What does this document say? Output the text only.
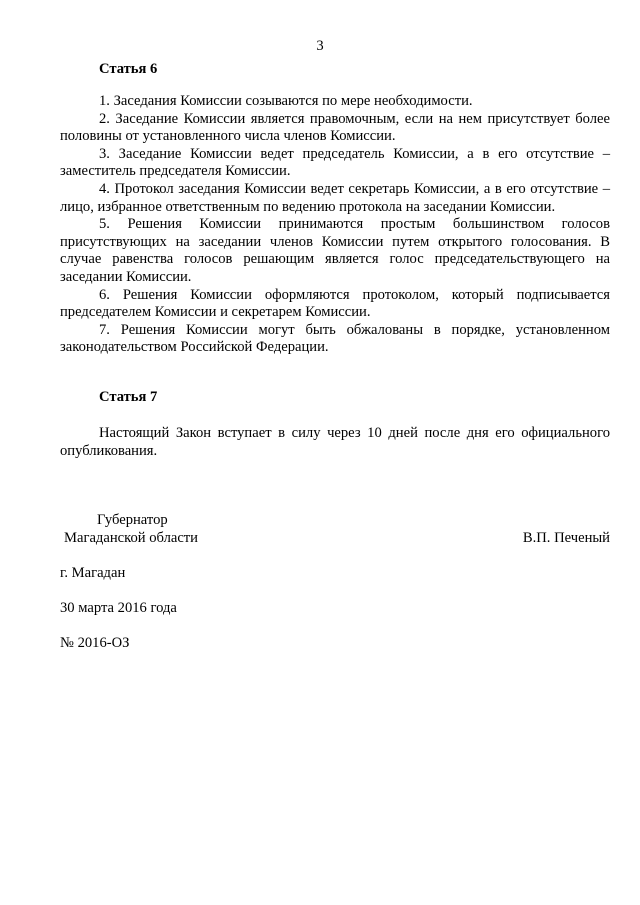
3
Статья 6

1. Заседания Комиссии созываются по мере необходимости.

2. Заседание Комиссии является правомочным, если на нем присутствует более половины от установленного числа членов Комиссии.

3. Заседание Комиссии ведет председатель Комиссии, а в его отсутствие – заместитель председателя Комиссии.

4. Протокол заседания Комиссии ведет секретарь Комиссии, а в его отсутствие – лицо, избранное ответственным по ведению протокола на заседании Комиссии.

5. Решения Комиссии принимаются простым большинством голосов присутствующих на заседании членов Комиссии путем открытого голосования. В случае равенства голосов решающим является голос председательствующего на заседании Комиссии.

6. Решения Комиссии оформляются протоколом, который подписывается председателем Комиссии и секретарем Комиссии.

7. Решения Комиссии могут быть обжалованы в порядке, установленном законодательством Российской Федерации.

Статья 7

Настоящий Закон вступает в силу через 10 дней после дня его официального опубликования.

Губернатор
Магаданской области	В.П. Печеный
г. Магадан
30 марта 2016 года
№ 2016-ОЗ
